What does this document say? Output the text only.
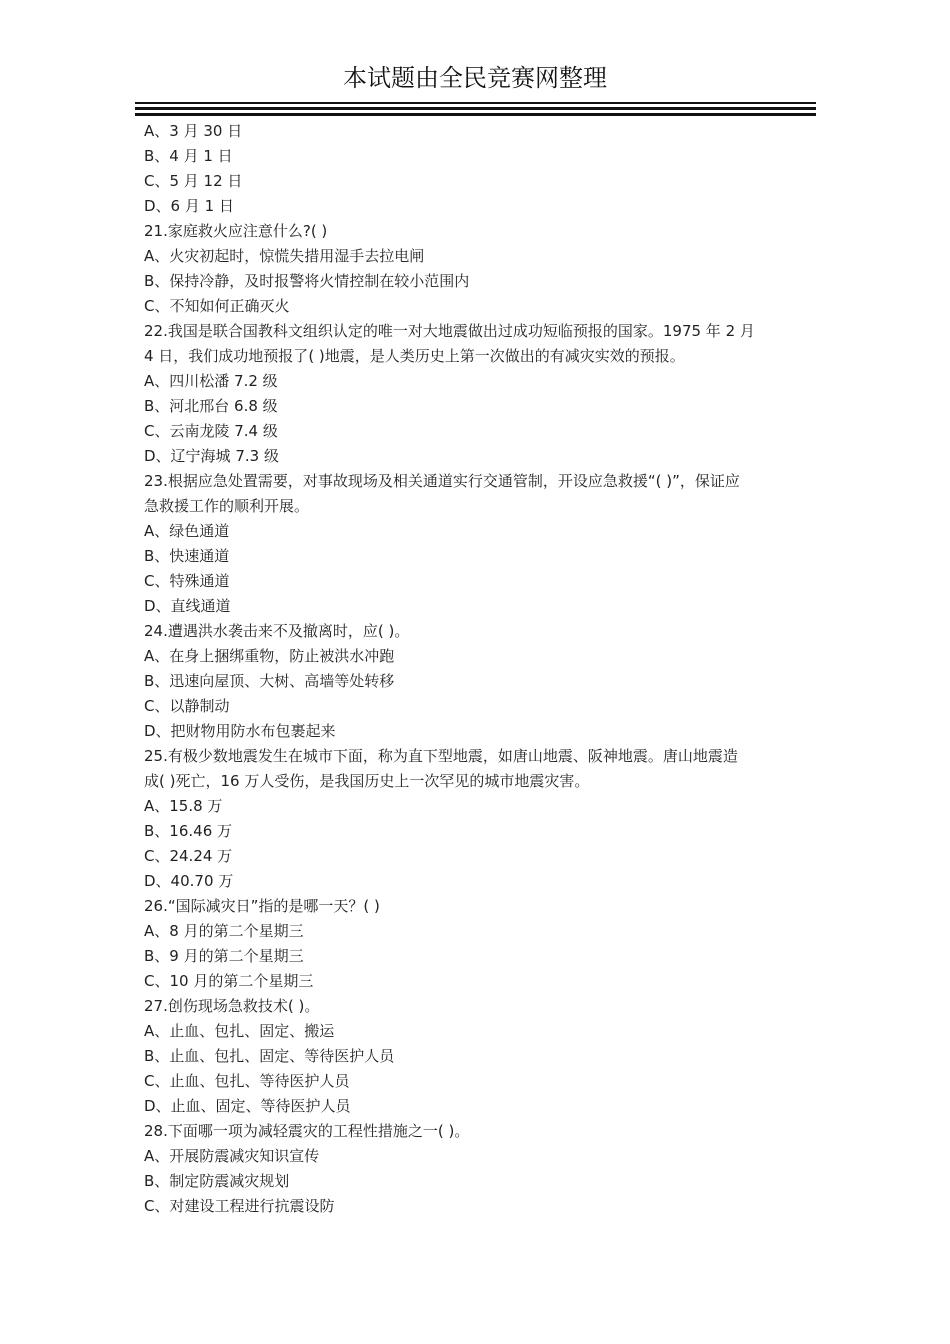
本试题由全民竞赛网整理
A、3 月 30 日
B、4 月 1 日
C、5 月 12 日
D、6 月 1 日
21.家庭救火应注意什么?( )
A、火灾初起时，惊慌失措用湿手去拉电闸
B、保持冷静，及时报警将火情控制在较小范围内
C、不知如何正确灭火
22.我国是联合国教科文组织认定的唯一对大地震做出过成功短临预报的国家。1975 年 2 月
4 日，我们成功地预报了( )地震，是人类历史上第一次做出的有减灾实效的预报。
A、四川松潘 7.2 级
B、河北邢台 6.8 级
C、云南龙陵 7.4 级
D、辽宁海城 7.3 级
23.根据应急处置需要，对事故现场及相关通道实行交通管制，开设应急救援“( )”，保证应
急救援工作的顺利开展。
A、绿色通道
B、快速通道
C、特殊通道
D、直线通道
24.遭遇洪水袭击来不及撤离时，应( )。
A、在身上捆绑重物，防止被洪水冲跑
B、迅速向屋顶、大树、高墙等处转移
C、以静制动
D、把财物用防水布包裹起来
25.有极少数地震发生在城市下面，称为直下型地震，如唐山地震、阪神地震。唐山地震造
成( )死亡，16 万人受伤，是我国历史上一次罕见的城市地震灾害。
A、15.8 万
B、16.46 万
C、24.24 万
D、40.70 万
26.“国际减灾日”指的是哪一天？( )
A、8 月的第二个星期三
B、9 月的第二个星期三
C、10 月的第二个星期三
27.创伤现场急救技术( )。
A、止血、包扎、固定、搬运
B、止血、包扎、固定、等待医护人员
C、止血、包扎、等待医护人员
D、止血、固定、等待医护人员
28.下面哪一项为减轻震灾的工程性措施之一( )。
A、开展防震减灾知识宣传
B、制定防震减灾规划
C、对建设工程进行抗震设防
